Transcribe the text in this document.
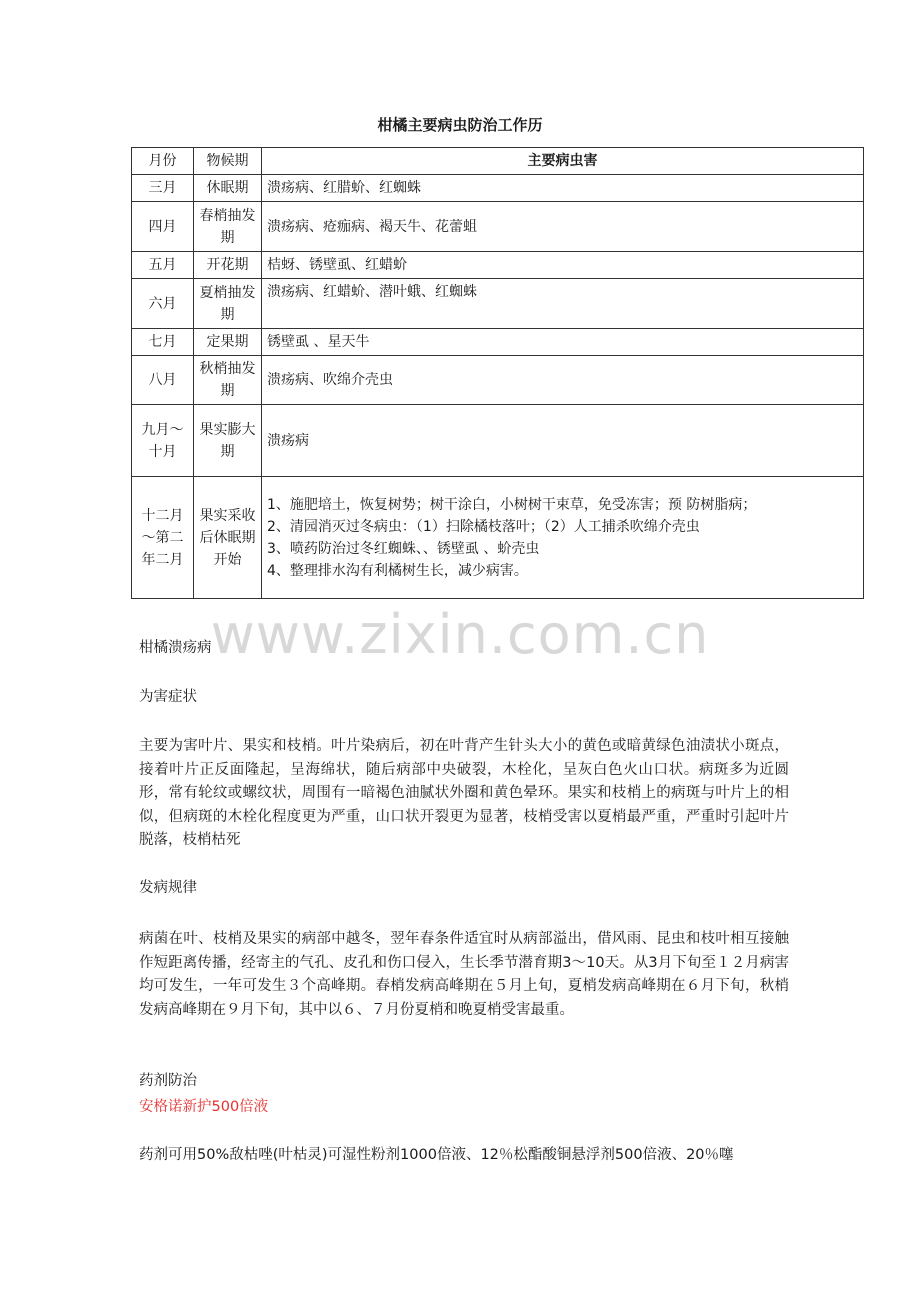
柑橘主要病虫防治工作历
月份	物候期	主要病虫害
三月	休眠期	溃疡病、红腊蚧、红蜘蛛
四月	春梢抽发期	溃疡病、疮痂病、褐天牛、花蕾蛆
五月	开花期	桔蚜、锈壁虱、红蜡蚧
六月	夏梢抽发期	溃疡病、红蜡蚧、潜叶蛾、红蜘蛛
七月	定果期	锈壁虱 、星天牛
八月	秋梢抽发期	溃疡病、吹绵介壳虫
九月～十月	果实膨大期	溃疡病
十二月～第二年二月	果实采收后休眠期开始	1、施肥培土，恢复树势；树干涂白，小树树干束草，免受冻害；预 防树脂病；
2、清园消灭过冬病虫：（1）扫除橘枝落叶；（2）人工捕杀吹绵介壳虫
3、喷药防治过冬红蜘蛛、、锈壁虱 、蚧壳虫
4、整理排水沟有利橘树生长，减少病害。
www.zixin.com.cn
柑橘溃疡病
为害症状
主要为害叶片、果实和枝梢。叶片染病后，初在叶背产生针头大小的黄色或暗黄绿色油渍状小斑点，接着叶片正反面隆起，呈海绵状，随后病部中央破裂，木栓化，呈灰白色火山口状。病斑多为近圆形，常有轮纹或螺纹状，周围有一暗褐色油腻状外圈和黄色晕环。果实和枝梢上的病斑与叶片上的相似，但病斑的木栓化程度更为严重，山口状开裂更为显著，枝梢受害以夏梢最严重，严重时引起叶片脱落，枝梢枯死
发病规律
病菌在叶、枝梢及果实的病部中越冬，翌年春条件适宜时从病部溢出，借风雨、昆虫和枝叶相互接触作短距离传播，经寄主的气孔、皮孔和伤口侵入，生长季节潜育期3～10天。从3月下旬至１２月病害均可发生，一年可发生３个高峰期。春梢发病高峰期在５月上旬，夏梢发病高峰期在６月下旬，秋梢发病高峰期在９月下旬，其中以６、７月份夏梢和晚夏梢受害最重。
药剂防治
安格诺新护500倍液
药剂可用50%敌枯唑(叶枯灵)可湿性粉剂1000倍液、12％松酯酸铜悬浮剂500倍液、20％噻
